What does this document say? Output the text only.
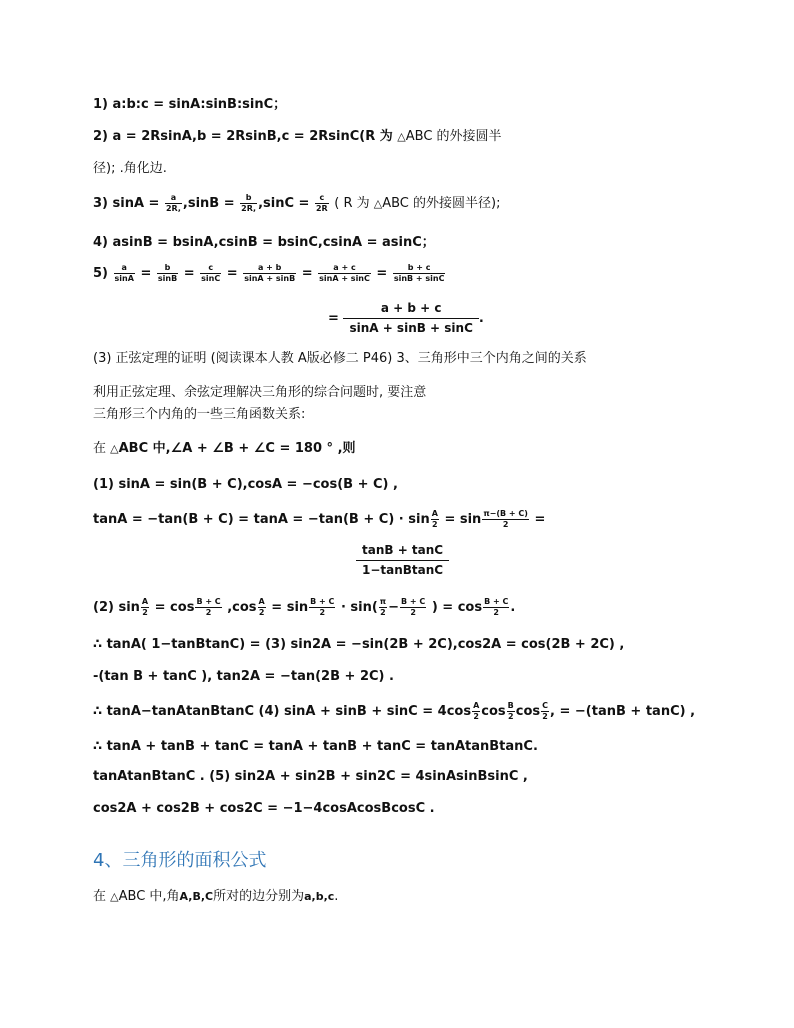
1) a:b:c = sinA:sinB:sinC；
2) a = 2RsinA,b = 2RsinB,c = 2RsinC(R 为 △ABC 的外接圆半
径); .角化边.
3) $\sin A = \frac{a}{2R,} ,\sin B = \frac{b}{2R,} ,\sin C = \frac{c}{2R}$ ( R 为 △ABC 的外接圆半径);
4) asinB = bsinA,csinB = bsinC,csinA = asinC；
$5) \frac{a}{\sin A} = \frac{b}{\sin B} = \frac{c}{\sin C} = \frac{a + b}{\sin A + \sin B} = \frac{a + c}{\sin A + \sin C} = \frac{b + c}{\sin B + \sin C}$
= $\frac{a + b + c}{\sin A + \sin B + \sin C}$ .
(3) 正弦定理的证明 (阅读课本人教 A版必修二 P46) 3、三角形中三个内角之间的关系
利用正弦定理、余弦定理解决三角形的综合问题时, 要注意
三角形三个内角的一些三角函数关系:
在 △ABC 中,∠A + ∠B + ∠C = 180 ° ,则
(1) sinA = sin(B + C),cosA = −cos(B + C) ,
$\tan A = -\tan(B + C) = \tan A = -\tan(B + C) \cdot \sin \frac{A}{2} = \sin \frac{\pi-(B + C)}{2}$ =
$\frac{\tan B + \tan C}{\text{1−tanBtanC}}$
(2) $\sin \frac{A}{2} = \cos \frac{B + C}{2} ,\cos \frac{A}{2} = \sin \frac{B + C}{2} \cdot \sin( \frac{\pi}{2} - \frac{B + C}{2}$ ) = $\cos \frac{B + C}{2}$ .
∴ tanA( 1−tanBtanC) = (3) sin2A = −sin(2B + 2C),cos2A = cos(2B + 2C) ,
-(tan B + tanC ), tan2A = −tan(2B + 2C) .
∴ tanA−tanAtanBtanC (4) $\sin A + \sin B + \sin C = 4\cos \frac{A}{2}$ $\cos \frac{B}{2}$ $\cos \frac{C}{2}$ , = −(tanB + tanC) ,
∴ tanA + tanB + tanC = tanA + tanB + tanC = tanAtanBtanC.
tanAtanBtanC . (5) sin2A + sin2B + sin2C = 4sinAsinBsinC ,
cos2A + cos2B + cos2C = −1−4cosAcosBcosC .
4、三角形的面积公式
在 △ABC 中,角A,B,C所对的边分别为a,b,c.
